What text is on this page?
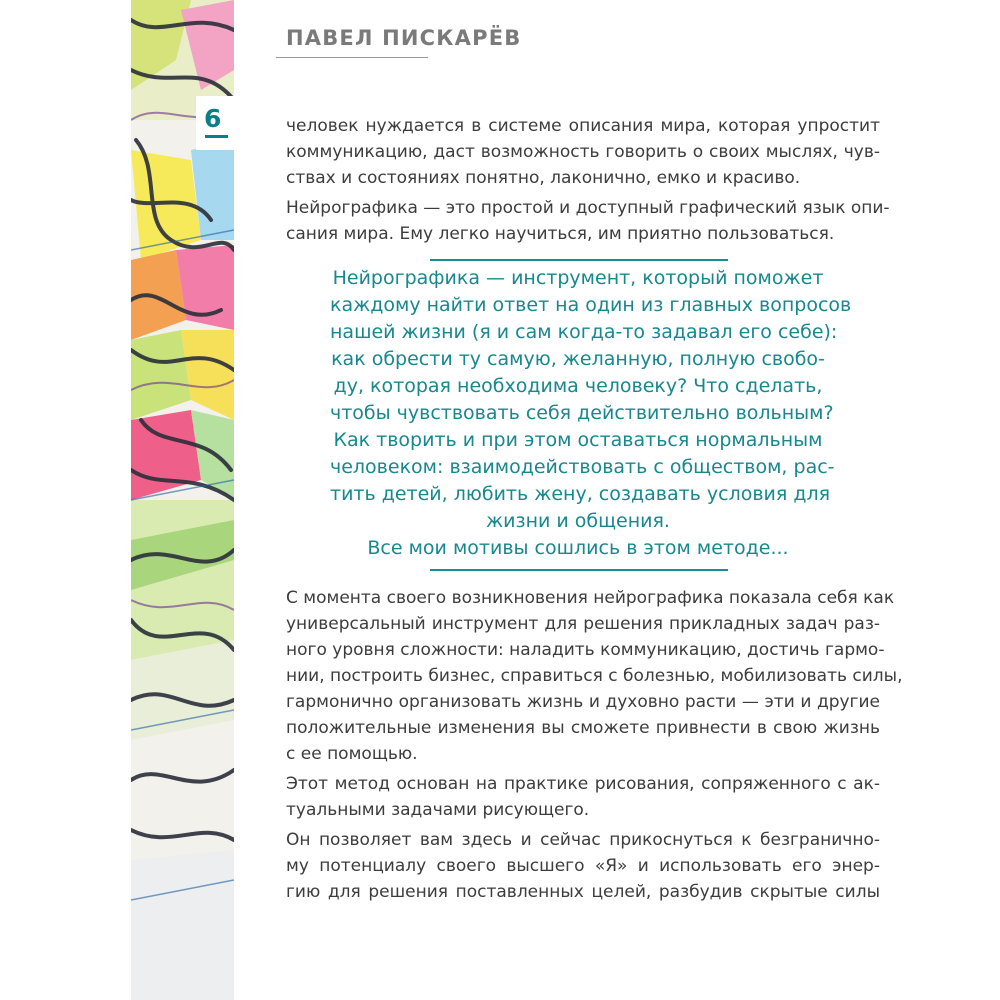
ПАВЕЛ ПИСКАРЁВ
6	человек нуждается в системе описания мира, которая упростит

коммуникацию, даст возможность говорить о своих мыслях, чув-

ствах и состояниях понятно, лаконично, емко и красиво.

Нейрографика — это простой и доступный графический язык опи-

сания мира. Ему легко научиться, им приятно пользоваться.

Нейрографика — инструмент, который поможет

каждому найти ответ на один из главных вопросов

нашей жизни (я и сам когда-то задавал его себе):

как обрести ту самую, желанную, полную свобо-

ду, которая необходима человеку? Что сделать,

чтобы чувствовать себя действительно вольным?

Как творить и при этом оставаться нормальным

человеком: взаимодействовать с обществом, рас-

тить детей, любить жену, создавать условия для

жизни и общения.

Все мои мотивы сошлись в этом методе...

С момента своего возникновения нейрографика показала себя как

универсальный инструмент для решения прикладных задач раз-

ного уровня сложности: наладить коммуникацию, достичь гармо-

нии, построить бизнес, справиться с болезнью, мобилизовать силы,

гармонично организовать жизнь и духовно расти — эти и другие

положительные изменения вы сможете привнести в свою жизнь

с ее помощью.

Этот метод основан на практике рисования, сопряженного с ак-

туальными задачами рисующего.

Он позволяет вам здесь и сейчас прикоснуться к безгранично-

му потенциалу своего высшего «Я» и использовать его энер-

гию для решения поставленных целей, разбудив скрытые силы
